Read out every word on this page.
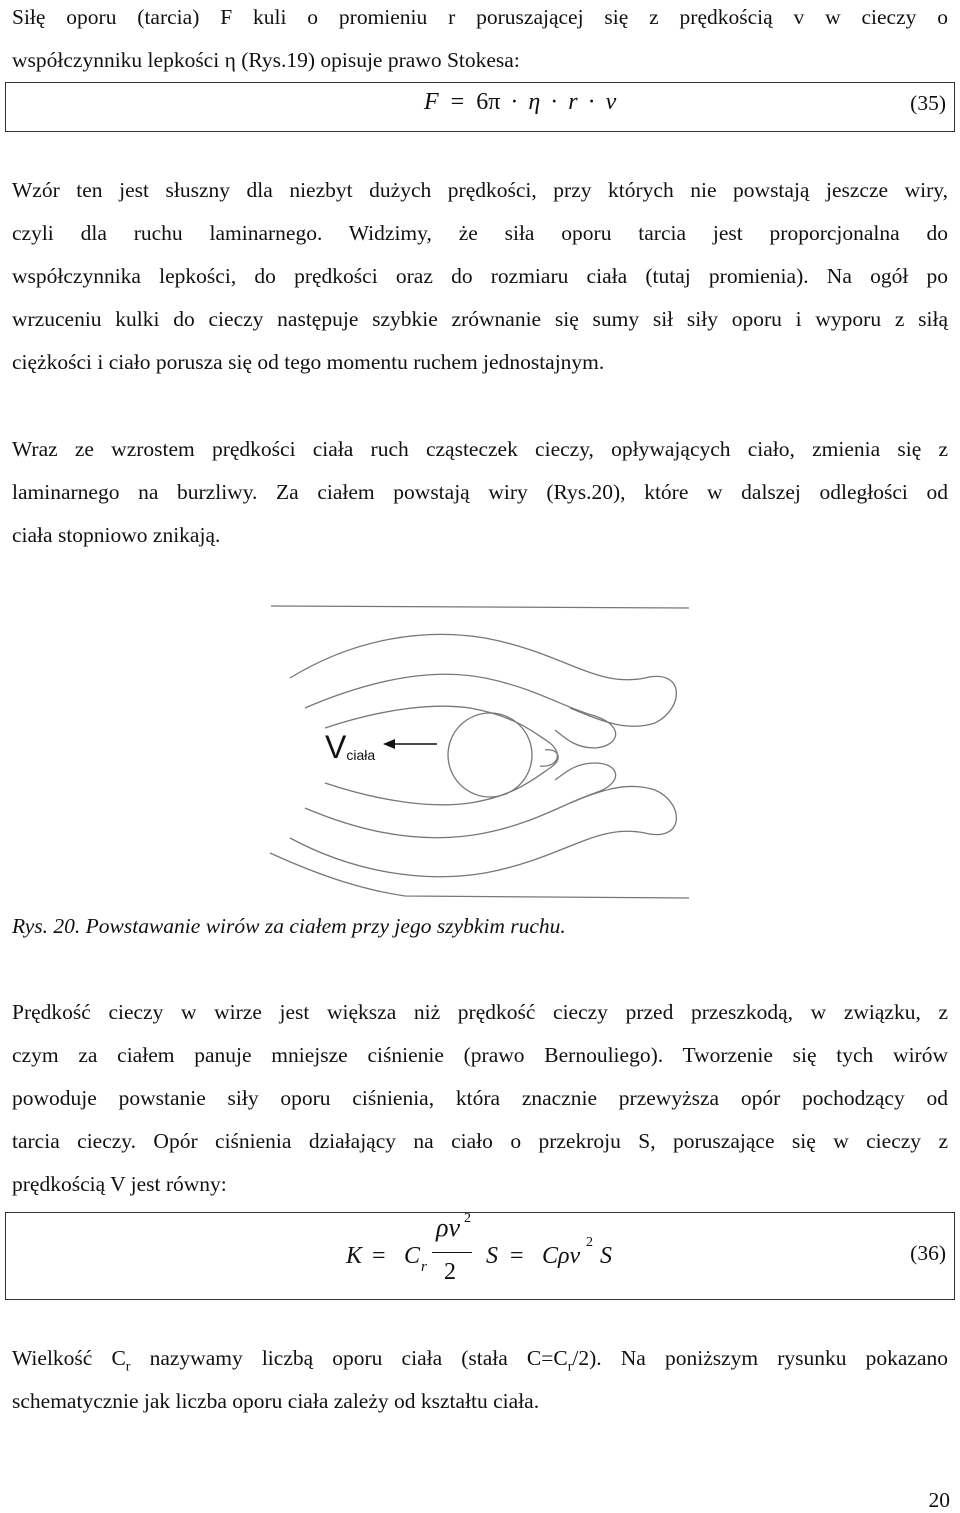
Siłę oporu (tarcia) F kuli o promieniu r poruszającej się z prędkością v w cieczy o
współczynniku lepkości η (Rys.19) opisuje prawo Stokesa:
F = 6π · η · r · v	(35)
Wzór ten jest słuszny dla niezbyt dużych prędkości, przy których nie powstają jeszcze wiry,
czyli dla ruchu laminarnego. Widzimy, że siła oporu tarcia jest proporcjonalna do
współczynnika lepkości, do prędkości oraz do rozmiaru ciała (tutaj promienia). Na ogół po
wrzuceniu kulki do cieczy następuje szybkie zrównanie się sumy sił siły oporu i wyporu z siłą
ciężkości i ciało porusza się od tego momentu ruchem jednostajnym.
Wraz ze wzrostem prędkości ciała ruch cząsteczek cieczy, opływających ciało, zmienia się z
laminarnego na burzliwy. Za ciałem powstają wiry (Rys.20), które w dalszej odległości od
ciała stopniowo znikają.
Vciała
Rys. 20. Powstawanie wirów za ciałem przy jego szybkim ruchu.
Prędkość cieczy w wirze jest większa niż prędkość cieczy przed przeszkodą, w związku, z
czym za ciałem panuje mniejsze ciśnienie (prawo Bernouliego). Tworzenie się tych wirów
powoduje powstanie siły oporu ciśnienia, która znacznie przewyższa opór pochodzący od
tarcia cieczy. Opór ciśnienia działający na ciało o przekroju S, poruszające się w cieczy z
prędkością V jest równy:
K = C r
ρv 2
2
S = Cρv
2
S	(36)
Wielkość $C_r$ nazywamy liczbą oporu ciała (stała $C=C_r/2$). Na poniższym rysunku pokazano
schematycznie jak liczba oporu ciała zależy od kształtu ciała.
20
